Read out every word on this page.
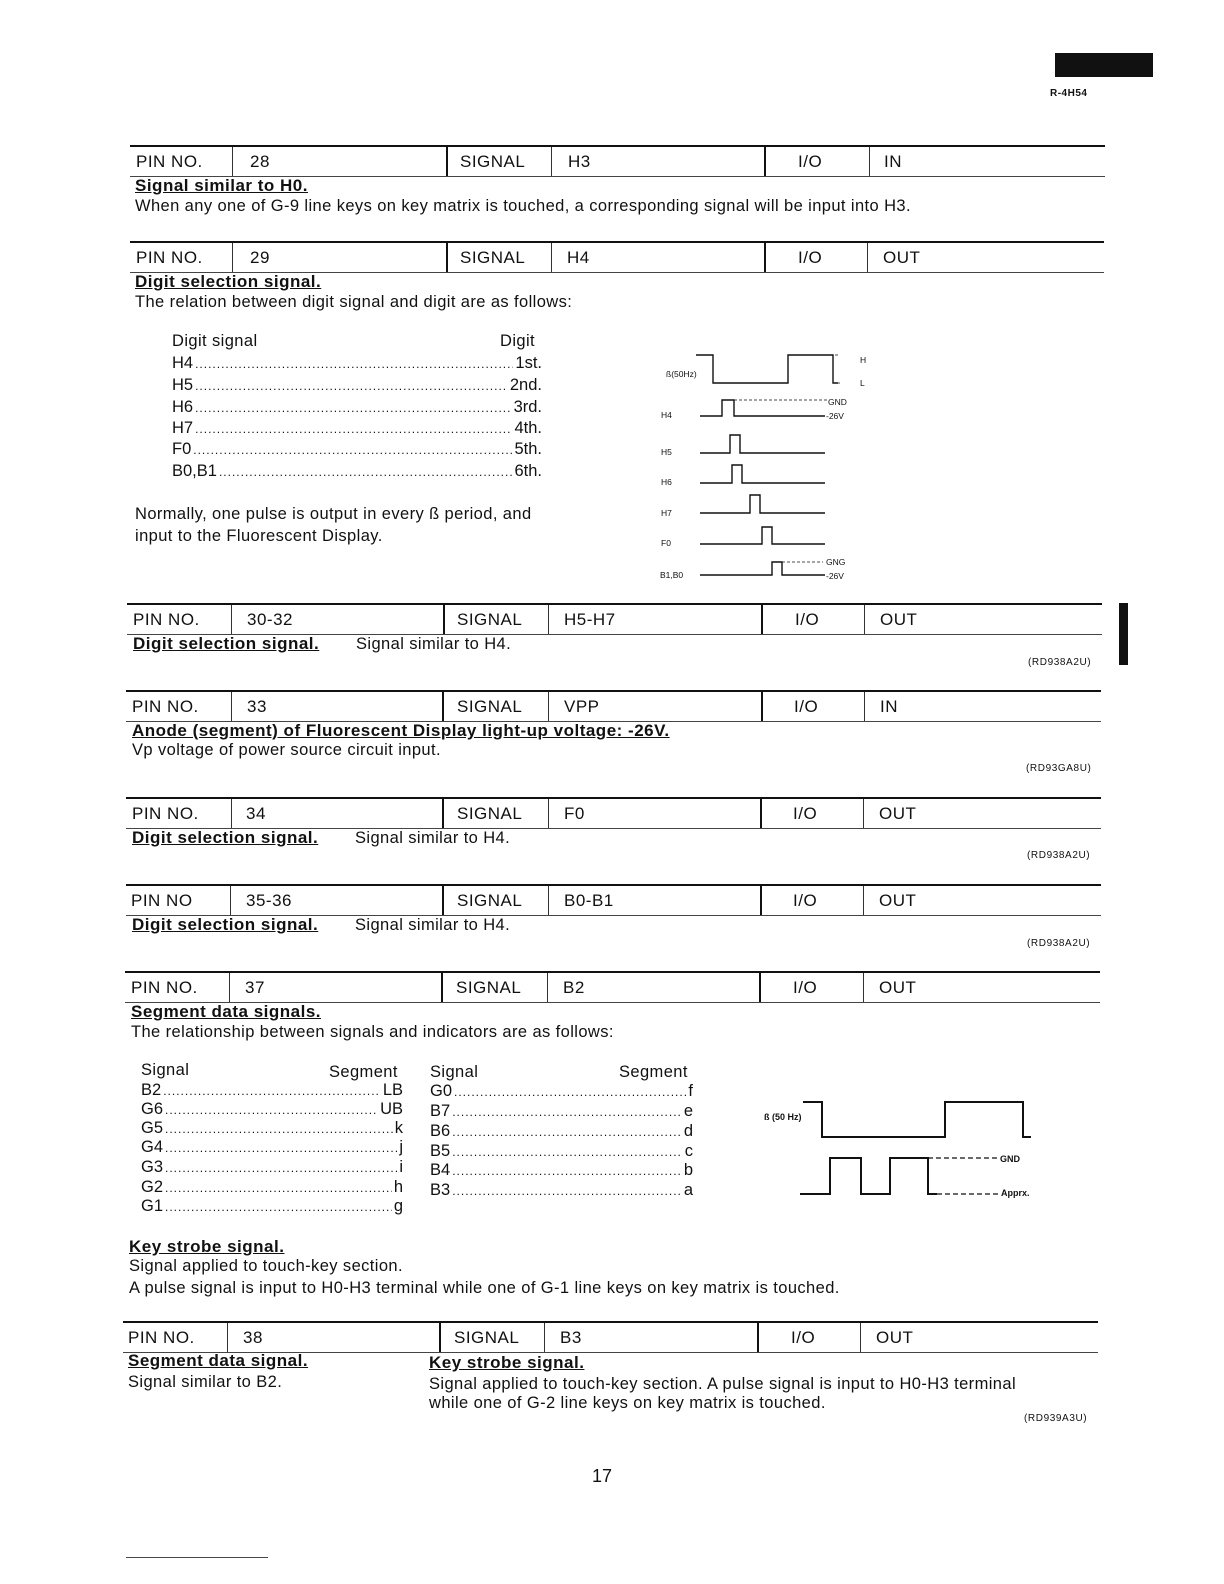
R-4H54
PIN NO.	28	SIGNAL	H3	I/O	IN
Signal similar to H0.
When any one of G-9 line keys on key matrix is touched, a corresponding signal will be input into H3.
PIN NO.	29	SIGNAL H4	I/O	OUT
Digit selection signal.
The relation between digit signal and digit are as follows:
Digit signal	Digit
H4 .....	1st.
H5 .....	2nd.
H6 .....	3rd.
H7 .....	4th.
F0 .....	5th.
B0,B1 .....	6th.
Normally, one pulse is output in every ß period, and
input to the Fluorescent Display.
ß(50Hz)
H
L
GND
-26V
H4
H5
H6
H7
F0
GNG
-26V
B1,B0
PIN NO.	30-32	SIGNAL H5-H7	I/O	OUT
Digit selection signal. Signal similar to H4.
(RD938A2U)
PIN NO.	33	SIGNAL VPP	I/O	IN
Anode (segment) of Fluorescent Display light-up voltage: -26V.
Vp voltage of power source circuit input.
(RD93GA8U)
PIN NO.	34	SIGNAL F0	I/O	OUT
Digit selection signal. Signal similar to H4.
(RD938A2U)
PIN NO	35-36	SIGNAL B0-B1	I/O	OUT
Digit selection signal. Signal similar to H4.
(RD938A2U)
PIN NO.	37	SIGNAL B2	I/O	OUT
Segment data signals.
The relationship between signals and indicators are as follows:
Signal	Segment Signal	Segment
B2 .....	LB
G6 .....	UB
G5 .....	k
G4 .....	j
G3 .....	i
G2 .....	h
G1 .....	g
G0 .....	f
B7 .....	e
B6 .....	d
B5 .....	c
B4 .....	b
B3 .....	a
ß (50 Hz)
GND
Apprx.
Key strobe signal.
Signal applied to touch-key section.
A pulse signal is input to H0-H3 terminal while one of G-1 line keys on key matrix is touched.
PIN NO.	38	SIGNAL B3	I/O	OUT
Segment data signal.
Signal similar to B2.
Key strobe signal.
Signal applied to touch-key section. A pulse signal is input to H0-H3 terminal
while one of G-2 line keys on key matrix is touched.
(RD939A3U)
17
